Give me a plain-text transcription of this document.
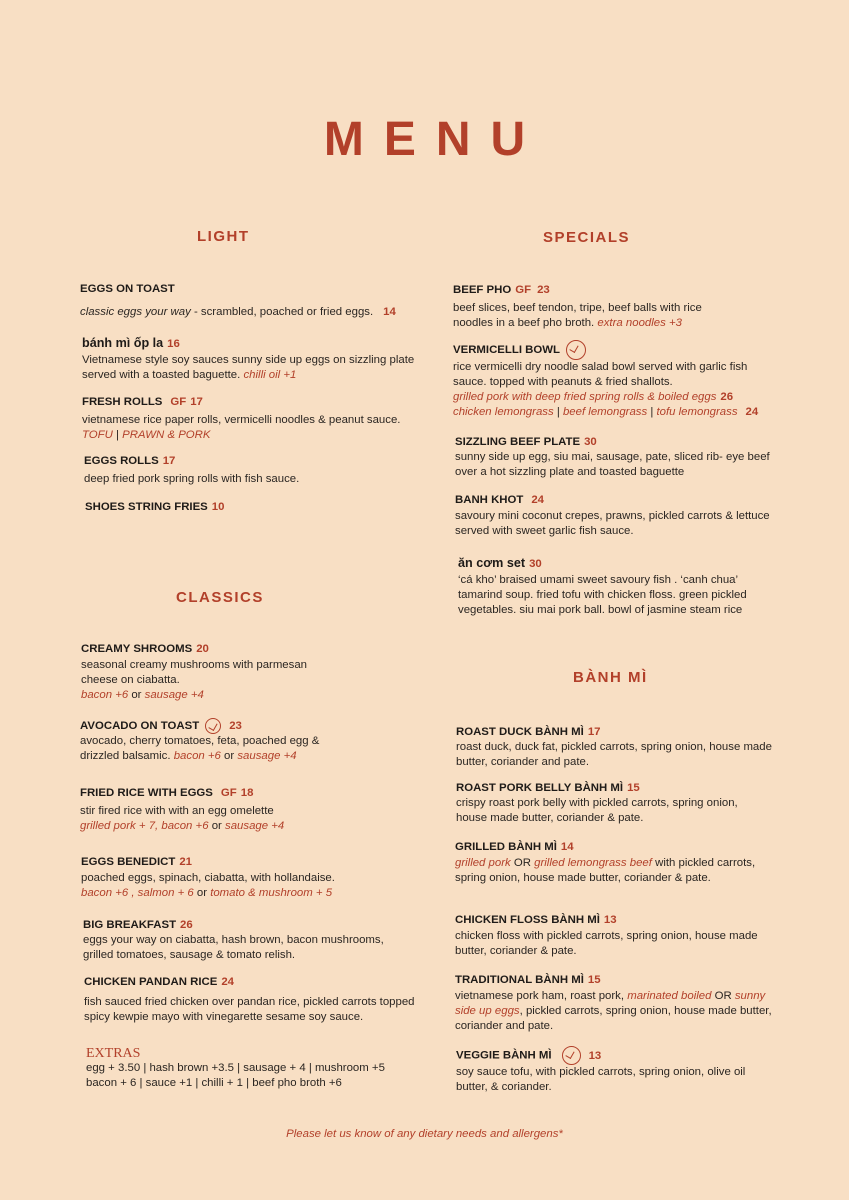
MENU
LIGHT
EGGS ON TOAST
classic eggs your way - scrambled, poached or fried eggs. 14
bánh mì ốp la 16
Vietnamese style soy sauces sunny side up eggs on sizzling plate served with a toasted baguette. chilli oil +1
FRESH ROLLS GF 17
vietnamese rice paper rolls, vermicelli noodles & peanut sauce.
TOFU | PRAWN & PORK
EGGS ROLLS 17
deep fried pork spring rolls with fish sauce.
SHOES STRING FRIES 10
CLASSICS
CREAMY SHROOMS 20
seasonal creamy mushrooms with parmesan cheese on ciabatta.
bacon +6 or sausage +4
AVOCADO ON TOAST	23
avocado, cherry tomatoes, feta, poached egg & drizzled balsamic. bacon +6 or sausage +4
FRIED RICE WITH EGGS GF 18
stir fired rice with with an egg omelette
grilled pork + 7, bacon +6 or sausage +4
EGGS BENEDICT 21
poached eggs, spinach, ciabatta, with hollandaise.
bacon +6 , salmon + 6 or tomato & mushroom + 5
BIG BREAKFAST 26
eggs your way on ciabatta, hash brown, bacon mushrooms, grilled tomatoes, sausage & tomato relish.
CHICKEN PANDAN RICE 24
fish sauced fried chicken over pandan rice, pickled carrots topped spicy kewpie mayo with vinegarette sesame soy sauce.
EXTRAS
egg + 3.50 | hash brown +3.5 | sausage + 4 | mushroom +5
bacon + 6 | sauce +1 | chilli + 1 | beef pho broth +6
SPECIALS
BEEF PHO GF 23
beef slices, beef tendon, tripe, beef balls with rice noodles in a beef pho broth. extra noodles +3
VERMICELLI BOWL
rice vermicelli dry noodle salad bowl served with garlic fish sauce. topped with peanuts & fried shallots.
grilled pork with deep fried spring rolls & boiled eggs 26
chicken lemongrass | beef lemongrass | tofu lemongrass 24
SIZZLING BEEF PLATE 30
sunny side up egg, siu mai, sausage, pate, sliced rib- eye beef over a hot sizzling plate and toasted baguette
BANH KHOT 24
savoury mini coconut crepes, prawns, pickled carrots & lettuce served with sweet garlic fish sauce.
ăn cơm set 30
‘cá kho’ braised umami sweet savoury fish . ‘canh chua’ tamarind soup. fried tofu with chicken floss. green pickled vegetables. siu mai pork ball. bowl of jasmine steam rice
BÀNH MÌ
ROAST DUCK BÀNH MÌ 17
roast duck, duck fat, pickled carrots, spring onion, house made butter, coriander and pate.
ROAST PORK BELLY BÀNH MÌ 15
crispy roast pork belly with pickled carrots, spring onion, house made butter, coriander & pate.
GRILLED BÀNH MÌ 14
grilled pork OR grilled lemongrass beef with pickled carrots, spring onion, house made butter, coriander & pate.
CHICKEN FLOSS BÀNH MÌ 13
chicken floss with pickled carrots, spring onion, house made butter, coriander & pate.
TRADITIONAL BÀNH MÌ 15
vietnamese pork ham, roast pork, marinated boiled OR sunny side up eggs, pickled carrots, spring onion, house made butter, coriander and pate.
VEGGIE BÀNH MÌ	13
soy sauce tofu, with pickled carrots, spring onion, olive oil butter, & coriander.
Please let us know of any dietary needs and allergens*
